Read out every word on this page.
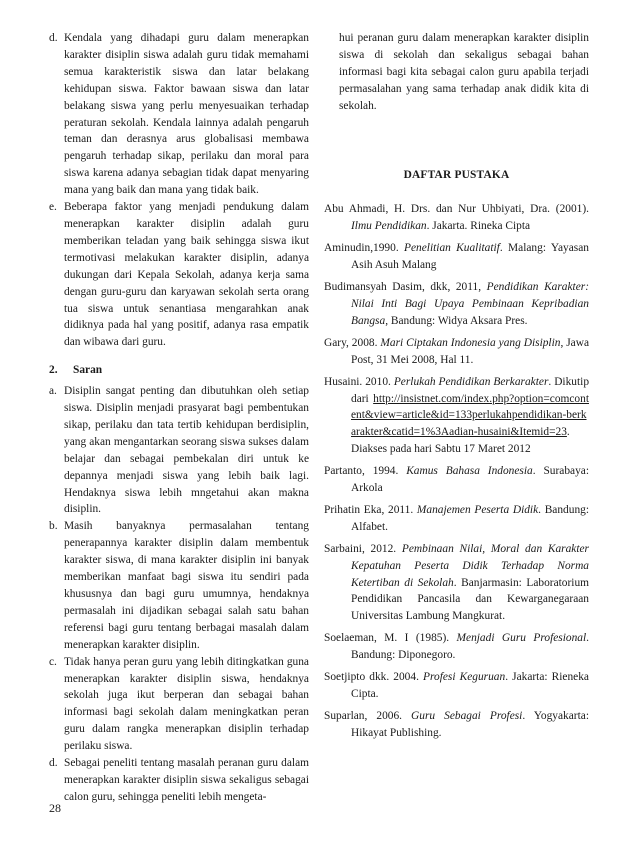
d. Kendala yang dihadapi guru dalam menerapkan karakter disiplin siswa adalah guru tidak memahami semua karakteristik siswa dan latar belakang kehidupan siswa. Faktor bawaan siswa dan latar belakang siswa yang perlu menyesuaikan terhadap peraturan sekolah. Kendala lainnya adalah pengaruh teman dan derasnya arus globalisasi membawa pengaruh terhadap sikap, perilaku dan moral para siswa karena adanya sebagian tidak dapat menyaring mana yang baik dan mana yang tidak baik.

e. Beberapa faktor yang menjadi pendukung dalam menerapkan karakter disiplin adalah guru memberikan teladan yang baik sehingga siswa ikut termotivasi melakukan karakter disiplin, adanya dukungan dari Kepala Sekolah, adanya kerja sama dengan guru-guru dan karyawan sekolah serta orang tua siswa untuk senantiasa mengarahkan anak didiknya pada hal yang positif, adanya rasa empatik dan wibawa dari guru.

2. Saran

a. Disiplin sangat penting dan dibutuhkan oleh setiap siswa. Disiplin menjadi prasyarat bagi pembentukan sikap, perilaku dan tata tertib kehidupan berdisiplin, yang akan mengantarkan seorang siswa sukses dalam belajar dan sebagai pembekalan diri untuk ke depannya menjadi siswa yang lebih baik lagi. Hendaknya siswa lebih mngetahui akan makna disiplin.

b. Masih banyaknya permasalahan tentang penerapannya karakter disiplin dalam membentuk karakter siswa, di mana karakter disiplin ini banyak memberikan manfaat bagi siswa itu sendiri pada khususnya dan bagi guru umumnya, hendaknya permasalah ini dijadikan sebagai salah satu bahan referensi bagi guru tentang berbagai masalah dalam menerapkan karakter disiplin.

c. Tidak hanya peran guru yang lebih ditingkatkan guna menerapkan karakter disiplin siswa, hendaknya sekolah juga ikut berperan dan sebagai bahan informasi bagi sekolah dalam meningkatkan peran guru dalam rangka menerapkan disiplin terhadap perilaku siswa.

d. Sebagai peneliti tentang masalah peranan guru dalam menerapkan karakter disiplin siswa sekaligus sebagai calon guru, sehingga peneliti lebih mengeta-

hui peranan guru dalam menerapkan karakter disiplin siswa di sekolah dan sekaligus sebagai bahan informasi bagi kita sebagai calon guru apabila terjadi permasalahan yang sama terhadap anak didik kita di sekolah.

DAFTAR PUSTAKA

Abu Ahmadi, H. Drs. dan Nur Uhbiyati, Dra. (2001). Ilmu Pendidikan. Jakarta. Rineka Cipta

Aminudin,1990. Penelitian Kualitatif. Malang: Yayasan Asih Asuh Malang

Budimansyah Dasim, dkk, 2011, Pendidikan Karakter: Nilai Inti Bagi Upaya Pembinaan Kepribadian Bangsa, Bandung: Widya Aksara Pres.

Gary, 2008. Mari Ciptakan Indonesia yang Disiplin, Jawa Post, 31 Mei 2008, Hal 11.

Husaini. 2010. Perlukah Pendidikan Berkarakter. Dikutip dari http://insistnet.com/index.php?option=comcontent&view=article&id=133perlukahpendidikan-berkarakter&catid=1%3Aadian-husaini&Itemid=23. Diakses pada hari Sabtu 17 Maret 2012

Partanto, 1994. Kamus Bahasa Indonesia. Surabaya: Arkola

Prihatin Eka, 2011. Manajemen Peserta Didik. Bandung: Alfabet.

Sarbaini, 2012. Pembinaan Nilai, Moral dan Karakter Kepatuhan Peserta Didik Terhadap Norma Ketertiban di Sekolah. Banjarmasin: Laboratorium Pendidikan Pancasila dan Kewarganegaraan Universitas Lambung Mangkurat.

Soelaeman, M. I (1985). Menjadi Guru Profesional. Bandung: Diponegoro.

Soetjipto dkk. 2004. Profesi Keguruan. Jakarta: Rieneka Cipta.

Suparlan, 2006. Guru Sebagai Profesi. Yogyakarta: Hikayat Publishing.

28
